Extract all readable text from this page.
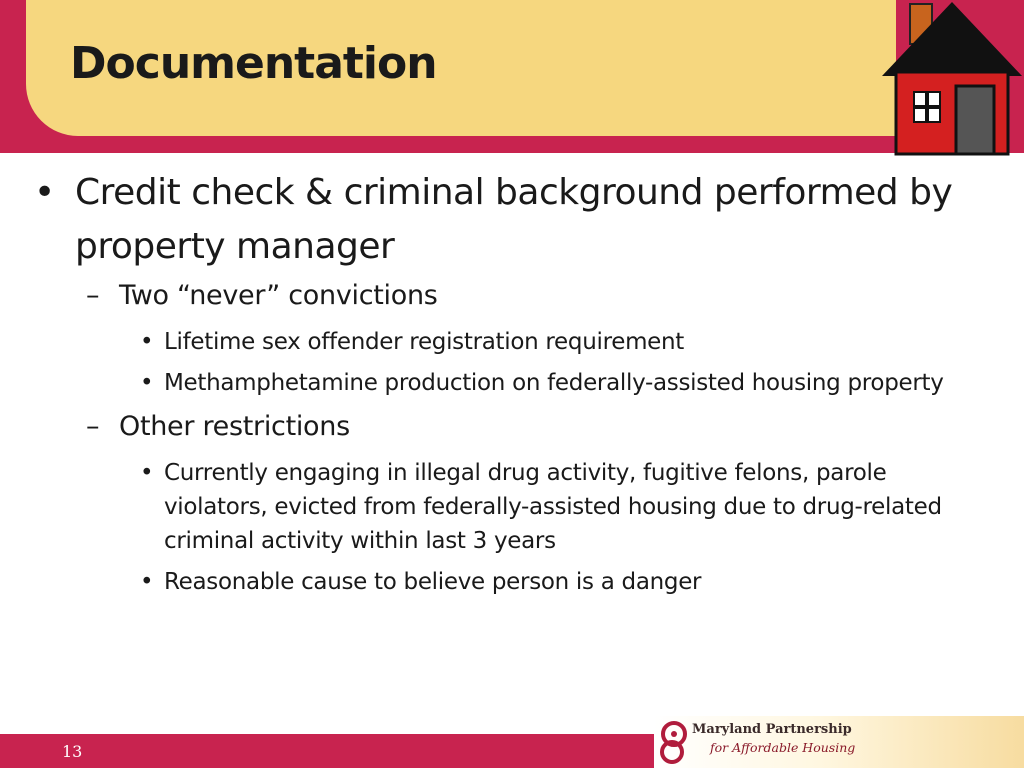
Documentation
• Credit check & criminal background performed by property manager
– Two “never” convictions
• Lifetime sex offender registration requirement
• Methamphetamine production on federally-assisted housing property
– Other restrictions
• Currently engaging in illegal drug activity, fugitive felons, parole violators, evicted from federally-assisted housing due to drug-related criminal activity within last 3 years
• Reasonable cause to believe person is a danger
13
Maryland Partnership
for Affordable Housing
